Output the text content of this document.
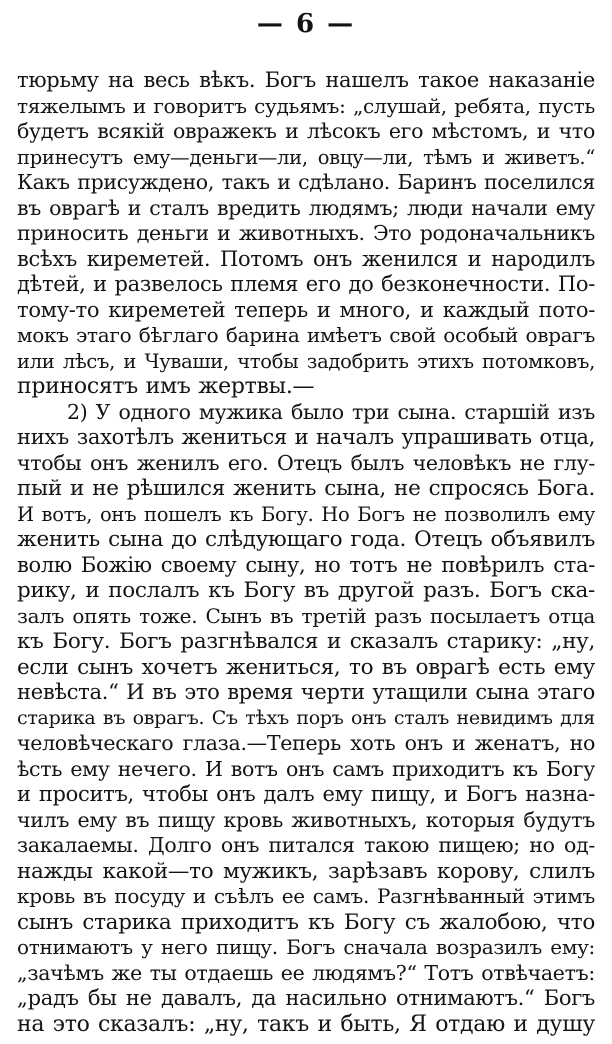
— 6 —
тюрьму на весь вѣкъ. Богъ нашелъ такое наказаніе
тяжелымъ и говоритъ судьямъ: „слушай, ребята, пусть
будетъ всякій овражекъ и лѣсокъ его мѣстомъ, и что
принесутъ ему—деньги—ли, овцу—ли, тѣмъ и живетъ.“
Какъ присуждено, такъ и сдѣлано. Баринъ поселился
въ оврагѣ и сталъ вредить людямъ; люди начали ему
приносить деньги и животныхъ. Это родоначальникъ
всѣхъ киреметей. Потомъ онъ женился и народилъ
дѣтей, и развелось племя его до безконечности. По-
тому-то киреметей теперь и много, и каждый пото-
мокъ этаго бѣглаго барина имѣетъ свой особый оврагъ
или лѣсъ, и Чуваши, чтобы задобрить этихъ потомковъ,
приносятъ имъ жертвы.—
2) У одного мужика было три сына. старшій изъ
нихъ захотѣлъ жениться и началъ упрашивать отца,
чтобы онъ женилъ его. Отецъ былъ человѣкъ не глу-
пый и не рѣшился женить сына, не спросясь Бога.
И вотъ, онъ пошелъ къ Богу. Но Богъ не позволилъ ему
женить сына до слѣдующаго года. Отецъ объявилъ
волю Божію своему сыну, но тотъ не повѣрилъ ста-
рику, и послалъ къ Богу въ другой разъ. Богъ ска-
залъ опять тоже. Сынъ въ третій разъ посылаетъ отца
къ Богу. Богъ разгнѣвался и сказалъ старику: „ну,
если сынъ хочетъ жениться, то въ оврагѣ есть ему
невѣста.“ И въ это время черти утащили сына этаго
старика въ оврагъ. Съ тѣхъ поръ онъ сталъ невидимъ для
человѣческаго глаза.—Теперь хоть онъ и женатъ, но
ѣсть ему нечего. И вотъ онъ самъ приходитъ къ Богу
и проситъ, чтобы онъ далъ ему пищу, и Богъ назна-
чилъ ему въ пищу кровь животныхъ, которыя будутъ
закалаемы. Долго онъ питался такою пищею; но од-
нажды какой—то мужикъ, зарѣзавъ корову, слилъ
кровь въ посуду и съѣлъ ее самъ. Разгнѣванный этимъ
сынъ старика приходитъ къ Богу съ жалобою, что
отнимаютъ у него пищу. Богъ сначала возразилъ ему:
„зачѣмъ же ты отдаешь ее людямъ?“ Тотъ отвѣчаетъ:
„радъ бы не давалъ, да насильно отнимаютъ.“ Богъ
на это сказалъ: „ну, такъ и быть, Я отдаю и душу
